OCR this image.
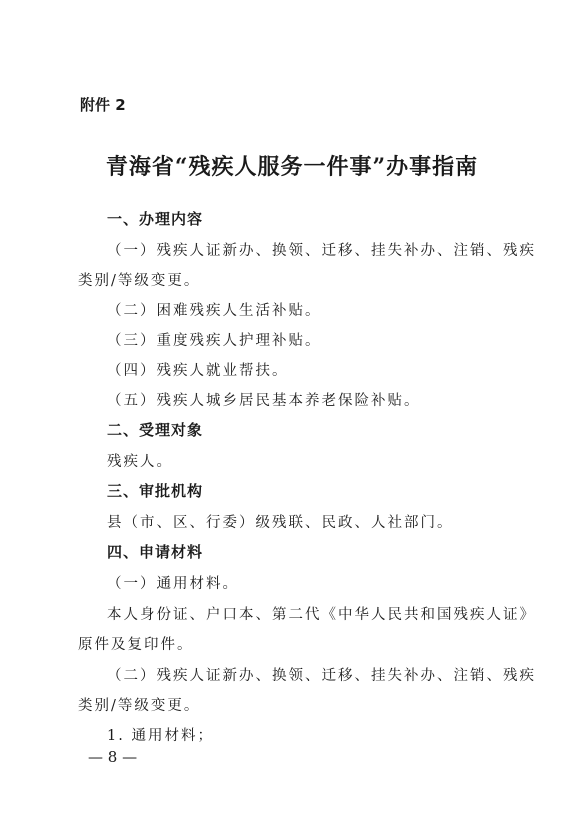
附件 2
青海省“残疾人服务一件事”办事指南
一、办理内容
（一）残疾人证新办、换领、迁移、挂失补办、注销、残疾
类别/等级变更。
（二）困难残疾人生活补贴。
（三）重度残疾人护理补贴。
（四）残疾人就业帮扶。
（五）残疾人城乡居民基本养老保险补贴。
二、受理对象
残疾人。
三、审批机构
县（市、区、行委）级残联、民政、人社部门。
四、申请材料
（一）通用材料。
本人身份证、户口本、第二代《中华人民共和国残疾人证》
原件及复印件。
（二）残疾人证新办、换领、迁移、挂失补办、注销、残疾
类别/等级变更。
1. 通用材料；
— 8 —
